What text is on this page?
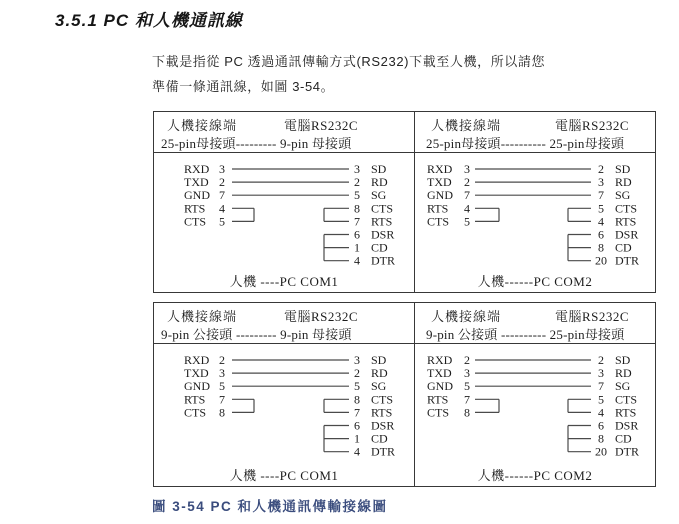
3.5.1 PC 和人機通訊線

下載是指從 PC 透過通訊傳輸方式(RS232)下載至人機，所以請您
準備一條通訊線，如圖 3-54。

人機接線端	電腦RS232C
25-pin母接頭--------- 9-pin 母接頭
RXD 3
TXD 2
GND 7
RTS 4
CTS 5
3 SD
2 RD
5 SG
8 CTS
7 RTS
6 DSR
1 CD
4 DTR
人機 ----PC COM1
人機接線端	電腦RS232C
25-pin母接頭---------- 25-pin母接頭
RXD 3
TXD 2
GND 7
RTS 4
CTS 5
2 SD
3 RD
7 SG
5 CTS
4 RTS
6 DSR
8 CD
20 DTR
人機------PC COM2
人機接線端	電腦RS232C
9-pin 公接頭 --------- 9-pin 母接頭
RXD 2
TXD 3
GND 5
RTS 7
CTS 8
3 SD
2 RD
5 SG
8 CTS
7 RTS
6 DSR
1 CD
4 DTR
人機 ----PC COM1
人機接線端	電腦RS232C
9-pin 公接頭 ---------- 25-pin母接頭
RXD 2
TXD 3
GND 5
RTS 7
CTS 8
2 SD
3 RD
7 SG
5 CTS
4 RTS
6 DSR
8 CD
20 DTR
人機------PC COM2

圖 3-54 PC 和人機通訊傳輸接線圖
